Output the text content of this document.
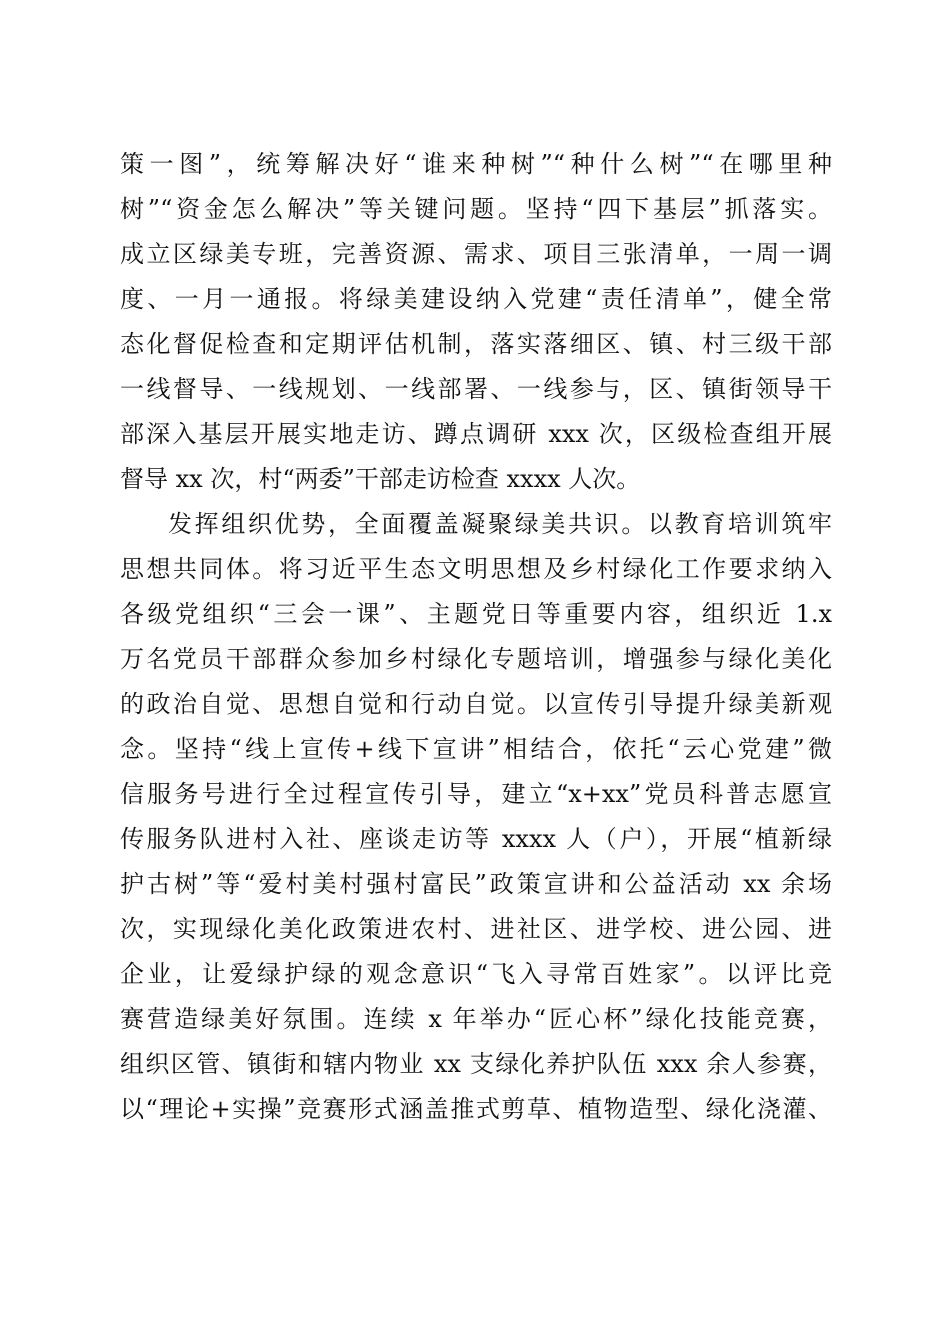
策一图”，统筹解决好“谁来种树”“种什么树”“在哪里种
树”“资金怎么解决”等关键问题。坚持“四下基层”抓落实。
成立区绿美专班，完善资源、需求、项目三张清单，一周一调
度、一月一通报。将绿美建设纳入党建“责任清单”，健全常
态化督促检查和定期评估机制，落实落细区、镇、村三级干部
一线督导、一线规划、一线部署、一线参与，区、镇街领导干
部深入基层开展实地走访、蹲点调研 xxx 次，区级检查组开展
督导 xx 次，村“两委”干部走访检查 xxxx 人次。
发挥组织优势，全面覆盖凝聚绿美共识。以教育培训筑牢
思想共同体。将习近平生态文明思想及乡村绿化工作要求纳入
各级党组织“三会一课”、主题党日等重要内容，组织近 1.x
万名党员干部群众参加乡村绿化专题培训，增强参与绿化美化
的政治自觉、思想自觉和行动自觉。以宣传引导提升绿美新观
念。坚持“线上宣传+线下宣讲”相结合，依托“云心党建”微
信服务号进行全过程宣传引导，建立“x+xx”党员科普志愿宣
传服务队进村入社、座谈走访等 xxxx 人（户），开展“植新绿
护古树”等“爱村美村强村富民”政策宣讲和公益活动 xx 余场
次，实现绿化美化政策进农村、进社区、进学校、进公园、进
企业，让爱绿护绿的观念意识“飞入寻常百姓家”。以评比竞
赛营造绿美好氛围。连续 x 年举办“匠心杯”绿化技能竞赛，
组织区管、镇街和辖内物业 xx 支绿化养护队伍 xxx 余人参赛，
以“理论+实操”竞赛形式涵盖推式剪草、植物造型、绿化浇灌、
